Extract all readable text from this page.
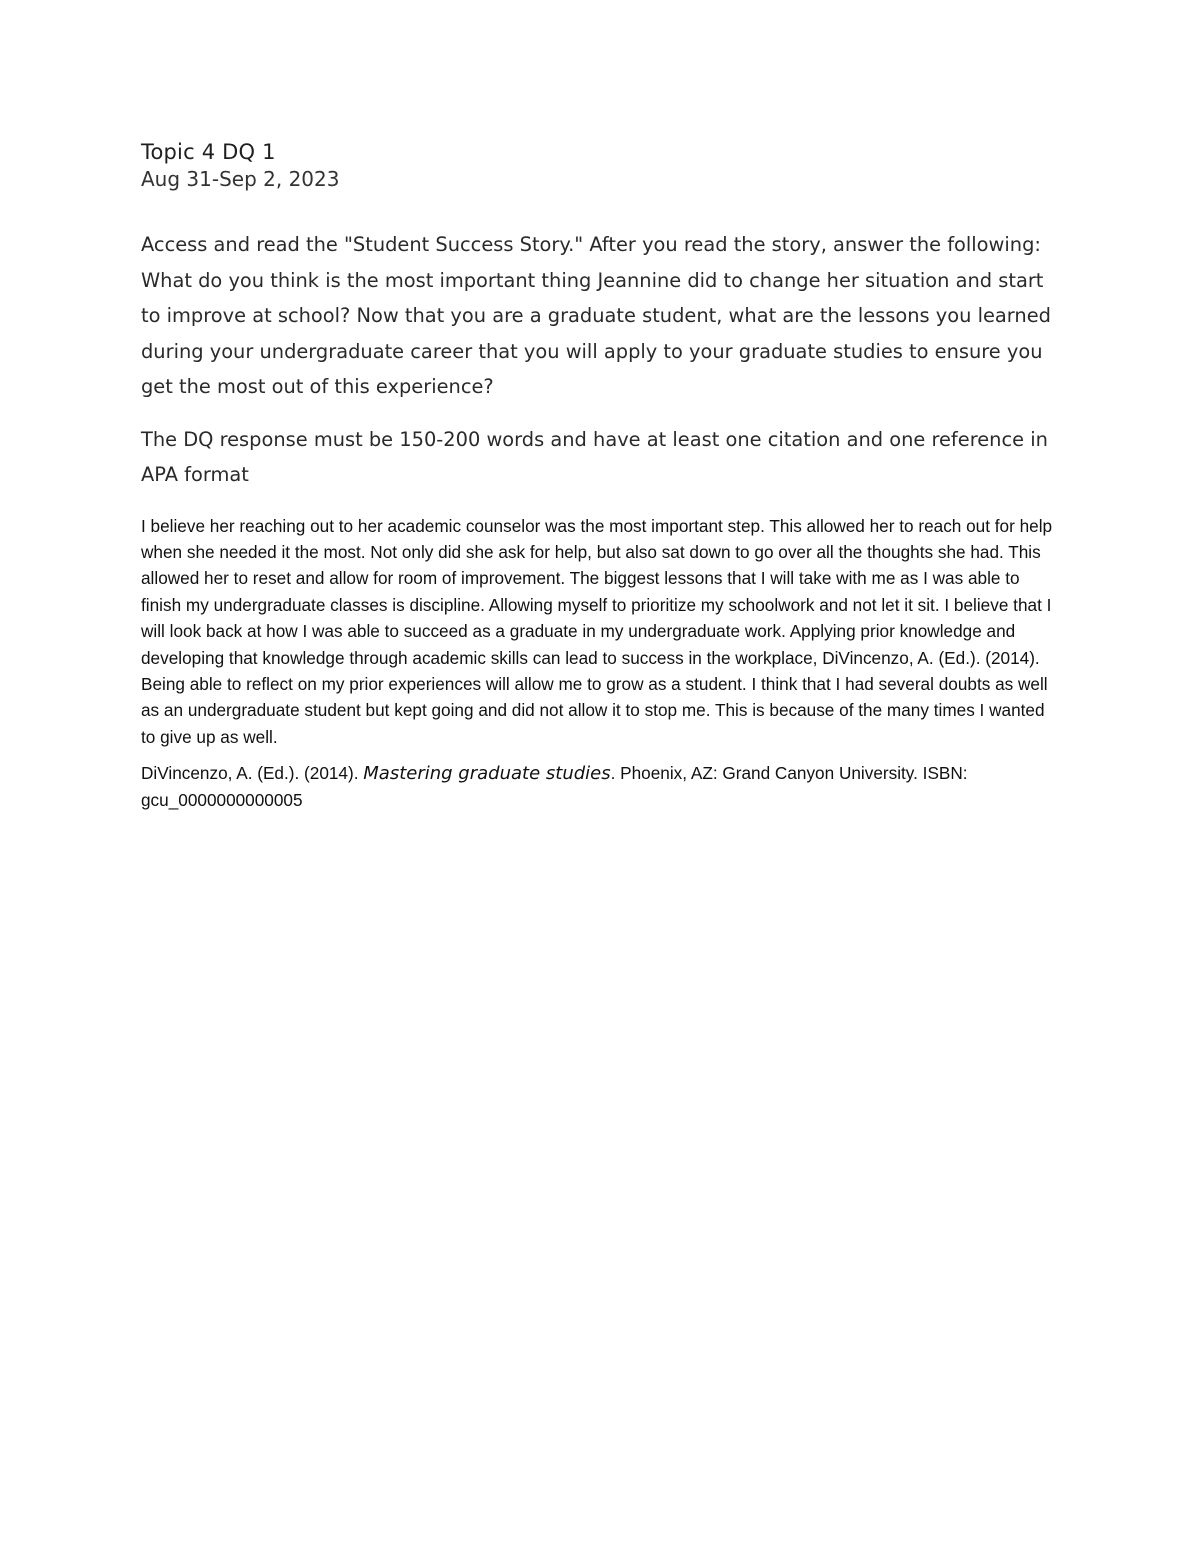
Topic 4 DQ 1

Aug 31-Sep 2, 2023

Access and read the "Student Success Story." After you read the story, answer the following: What do you think is the most important thing Jeannine did to change her situation and start to improve at school? Now that you are a graduate student, what are the lessons you learned during your undergraduate career that you will apply to your graduate studies to ensure you get the most out of this experience?

The DQ response must be 150-200 words and have at least one citation and one reference in APA format

I believe her reaching out to her academic counselor was the most important step. This allowed her to reach out for help when she needed it the most. Not only did she ask for help, but also sat down to go over all the thoughts she had. This allowed her to reset and allow for room of improvement. The biggest lessons that I will take with me as I was able to finish my undergraduate classes is discipline. Allowing myself to prioritize my schoolwork and not let it sit. I believe that I will look back at how I was able to succeed as a graduate in my undergraduate work. Applying prior knowledge and developing that knowledge through academic skills can lead to success in the workplace, DiVincenzo, A. (Ed.). (2014). Being able to reflect on my prior experiences will allow me to grow as a student. I think that I had several doubts as well as an undergraduate student but kept going and did not allow it to stop me. This is because of the many times I wanted to give up as well.

DiVincenzo, A. (Ed.). (2014). Mastering graduate studies. Phoenix, AZ: Grand Canyon University. ISBN: gcu_0000000000005
